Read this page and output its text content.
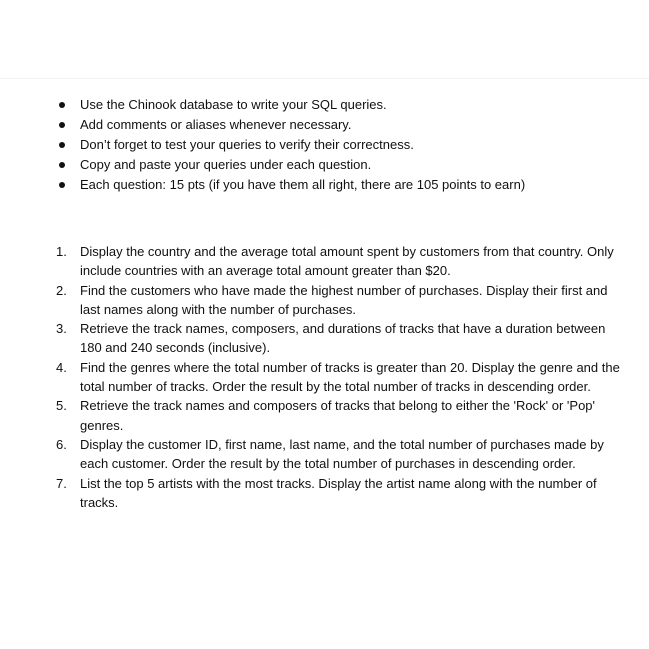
Use the Chinook database to write your SQL queries.
Add comments or aliases whenever necessary.
Don’t forget to test your queries to verify their correctness.
Copy and paste your queries under each question.
Each question: 15 pts (if you have them all right, there are 105 points to earn)
1. Display the country and the average total amount spent by customers from that country. Only include countries with an average total amount greater than $20.
2. Find the customers who have made the highest number of purchases. Display their first and last names along with the number of purchases.
3. Retrieve the track names, composers, and durations of tracks that have a duration between 180 and 240 seconds (inclusive).
4. Find the genres where the total number of tracks is greater than 20. Display the genre and the total number of tracks. Order the result by the total number of tracks in descending order.
5. Retrieve the track names and composers of tracks that belong to either the 'Rock' or 'Pop' genres.
6. Display the customer ID, first name, last name, and the total number of purchases made by each customer. Order the result by the total number of purchases in descending order.
7. List the top 5 artists with the most tracks. Display the artist name along with the number of tracks.
